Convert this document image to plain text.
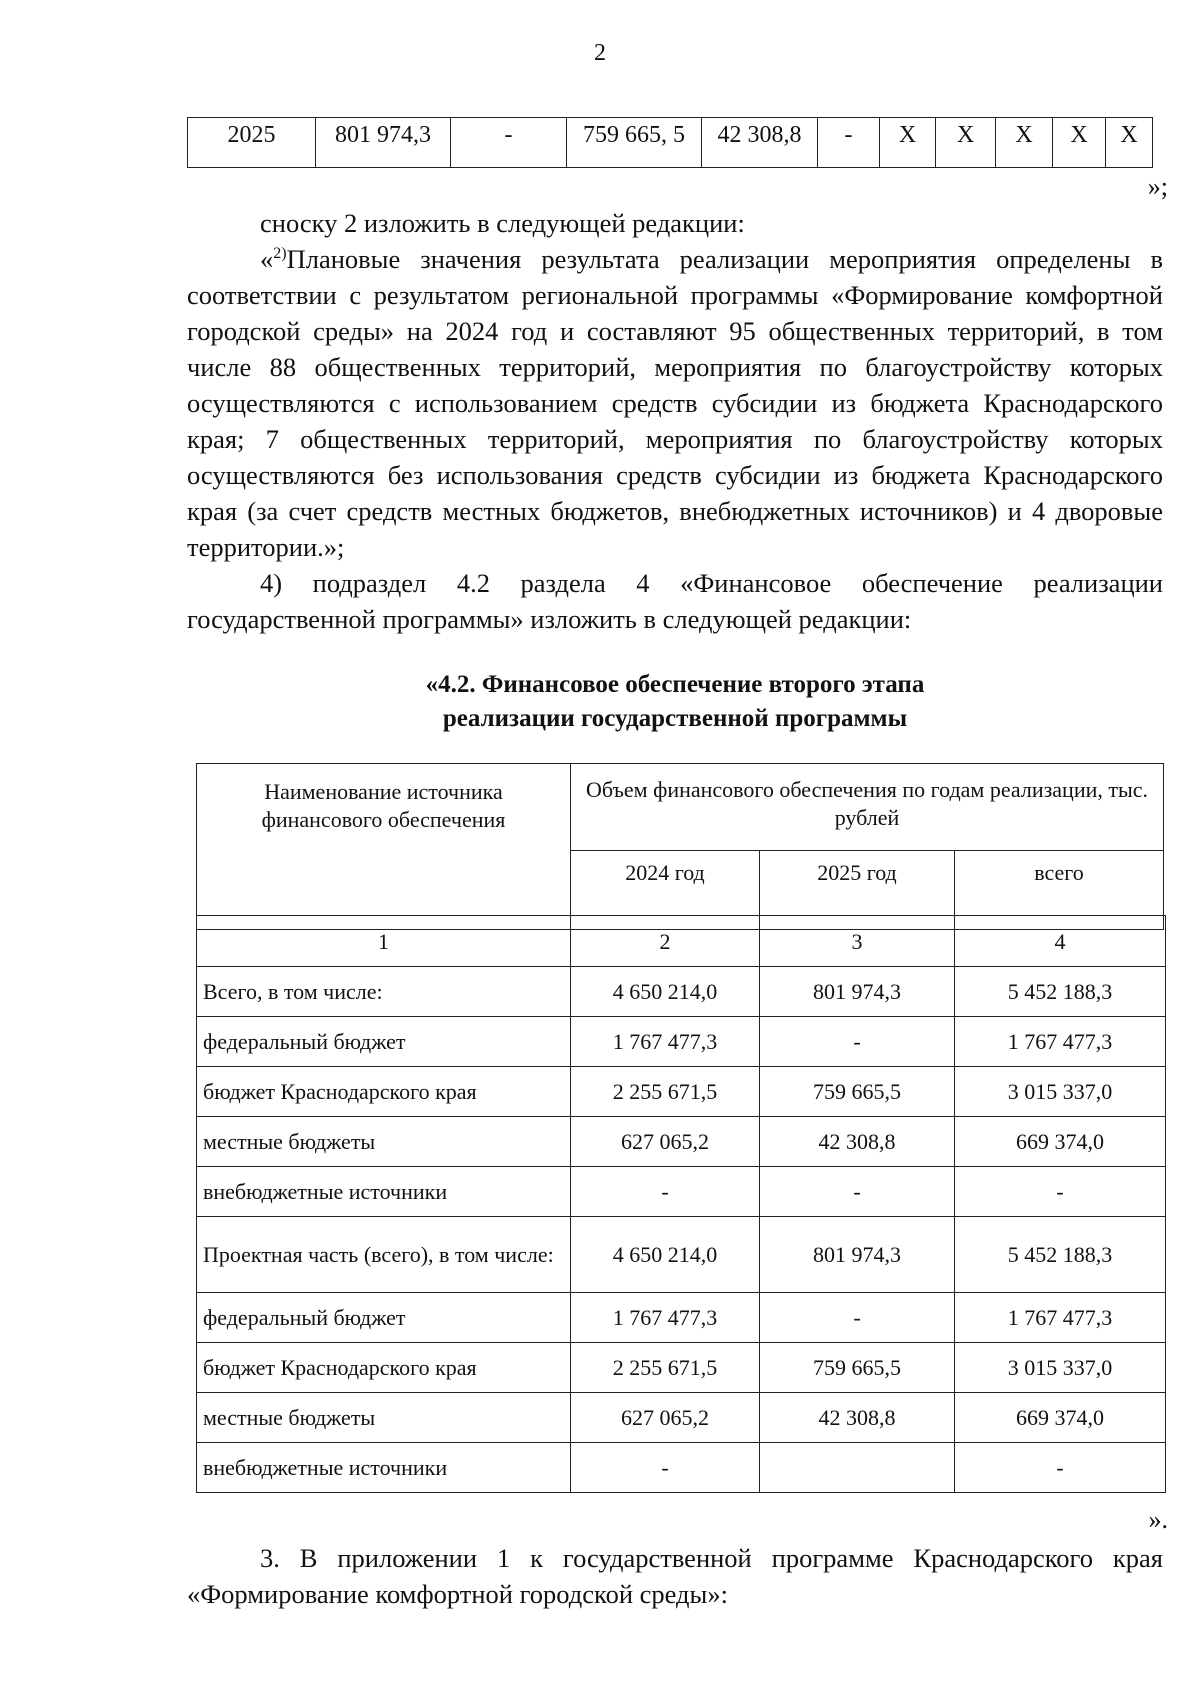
2
2025	801 974,3	-	759 665, 5	42 308,8	-	X	X	X	X	X
»;
сноску 2 изложить в следующей редакции:
«$^{2)}$Плановые значения результата реализации мероприятия определены в соответствии с результатом региональной программы «Формирование комфортной городской среды» на 2024 год и составляют 95 общественных территорий, в том числе 88 общественных территорий, мероприятия по благоустройству которых осуществляются с использованием средств субсидии из бюджета Краснодарского края; 7 общественных территорий, мероприятия по благоустройству которых осуществляются без использования средств субсидии из бюджета Краснодарского края (за счет средств местных бюджетов, внебюджетных источников) и 4 дворовые территории.»;
4) подраздел 4.2 раздела 4 «Финансовое обеспечение реализации государственной программы» изложить в следующей редакции:
«4.2. Финансовое обеспечение второго этапа
реализации государственной программы
Наименование источника финансового обеспечения	Объем финансового обеспечения по годам реализации, тыс. рублей		
	2024 год	2025 год	всего
1	2	3	4
Всего, в том числе:	4 650 214,0	801 974,3	5 452 188,3
федеральный бюджет	1 767 477,3	-	1 767 477,3
бюджет Краснодарского края	2 255 671,5	759 665,5	3 015 337,0
местные бюджеты	627 065,2	42 308,8	669 374,0
внебюджетные источники	-	-	-
Проектная часть (всего), в том числе:	4 650 214,0	801 974,3	5 452 188,3
федеральный бюджет	1 767 477,3	-	1 767 477,3
бюджет Краснодарского края	2 255 671,5	759 665,5	3 015 337,0
местные бюджеты	627 065,2	42 308,8	669 374,0
внебюджетные источники	-		-
».
3. В приложении 1 к государственной программе Краснодарского края «Формирование комфортной городской среды»:
